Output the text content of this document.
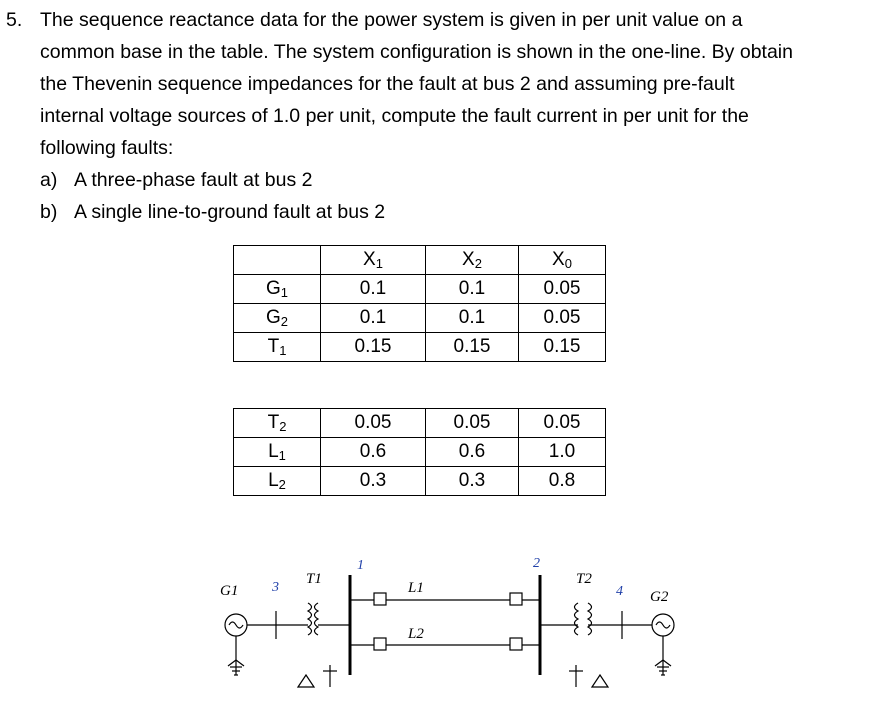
5. The sequence reactance data for the power system is given in per unit value on a
common base in the table. The system configuration is shown in the one-line. By obtain
the Thevenin sequence impedances for the fault at bus 2 and assuming pre-fault
internal voltage sources of 1.0 per unit, compute the fault current in per unit for the
following faults:
a) A three-phase fault at bus 2
b) A single line-to-ground fault at bus 2
	$X_1$	$X_2$	$X_0$
$G_1$	0.1	0.1	0.05
$G_2$	0.1	0.1	0.05
$T_1$	0.15	0.15	0.15
$T_2$	0.05	0.05	0.05
$L_1$	0.6	0.6	1.0
$L_2$	0.3	0.3	0.8
G1 3
T1
1
L1
L2
2
T2
4 G2
